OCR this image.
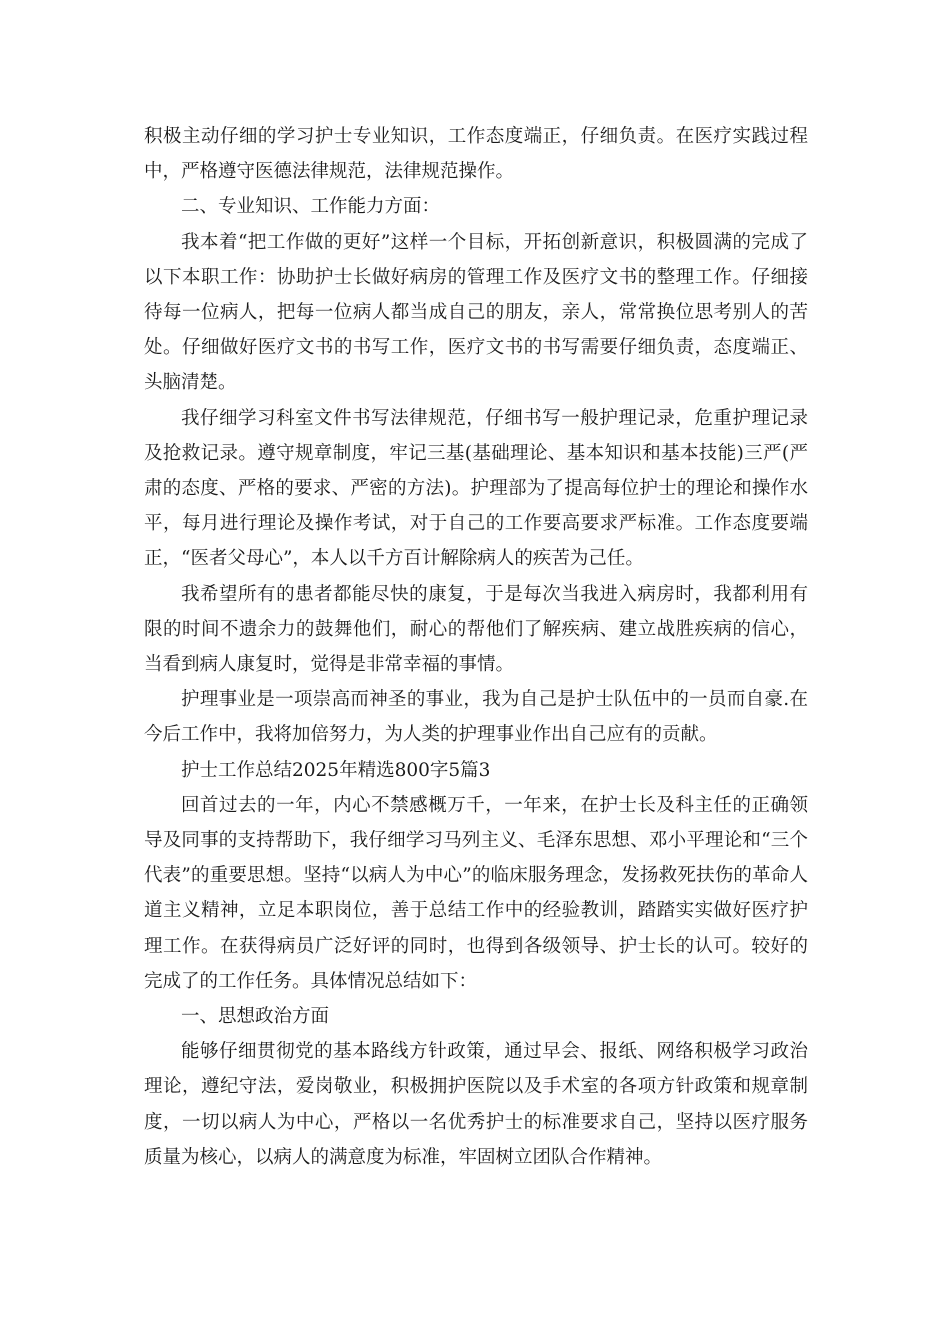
积极主动仔细的学习护士专业知识，工作态度端正，仔细负责。在医疗实践过程中，严格遵守医德法律规范，法律规范操作。

二、专业知识、工作能力方面：

我本着“把工作做的更好”这样一个目标，开拓创新意识，积极圆满的完成了以下本职工作：协助护士长做好病房的管理工作及医疗文书的整理工作。仔细接待每一位病人，把每一位病人都当成自己的朋友，亲人，常常换位思考别人的苦处。仔细做好医疗文书的书写工作，医疗文书的书写需要仔细负责，态度端正、头脑清楚。

我仔细学习科室文件书写法律规范，仔细书写一般护理记录，危重护理记录及抢救记录。遵守规章制度，牢记三基(基础理论、基本知识和基本技能)三严(严肃的态度、严格的要求、严密的方法)。护理部为了提高每位护士的理论和操作水平，每月进行理论及操作考试，对于自己的工作要高要求严标准。工作态度要端正，“医者父母心”，本人以千方百计解除病人的疾苦为己任。

我希望所有的患者都能尽快的康复，于是每次当我进入病房时，我都利用有限的时间不遗余力的鼓舞他们，耐心的帮他们了解疾病、建立战胜疾病的信心，当看到病人康复时，觉得是非常幸福的事情。

护理事业是一项崇高而神圣的事业，我为自己是护士队伍中的一员而自豪.在今后工作中，我将加倍努力，为人类的护理事业作出自己应有的贡献。

护士工作总结2025年精选800字5篇3

回首过去的一年，内心不禁感概万千，一年来，在护士长及科主任的正确领导及同事的支持帮助下，我仔细学习马列主义、毛泽东思想、邓小平理论和“三个代表”的重要思想。坚持“以病人为中心”的临床服务理念，发扬救死扶伤的革命人道主义精神，立足本职岗位，善于总结工作中的经验教训，踏踏实实做好医疗护理工作。在获得病员广泛好评的同时，也得到各级领导、护士长的认可。较好的完成了的工作任务。具体情况总结如下：

一、思想政治方面

能够仔细贯彻党的基本路线方针政策，通过早会、报纸、网络积极学习政治理论，遵纪守法，爱岗敬业，积极拥护医院以及手术室的各项方针政策和规章制度，一切以病人为中心，严格以一名优秀护士的标准要求自己，坚持以医疗服务质量为核心，以病人的满意度为标准，牢固树立团队合作精神。
